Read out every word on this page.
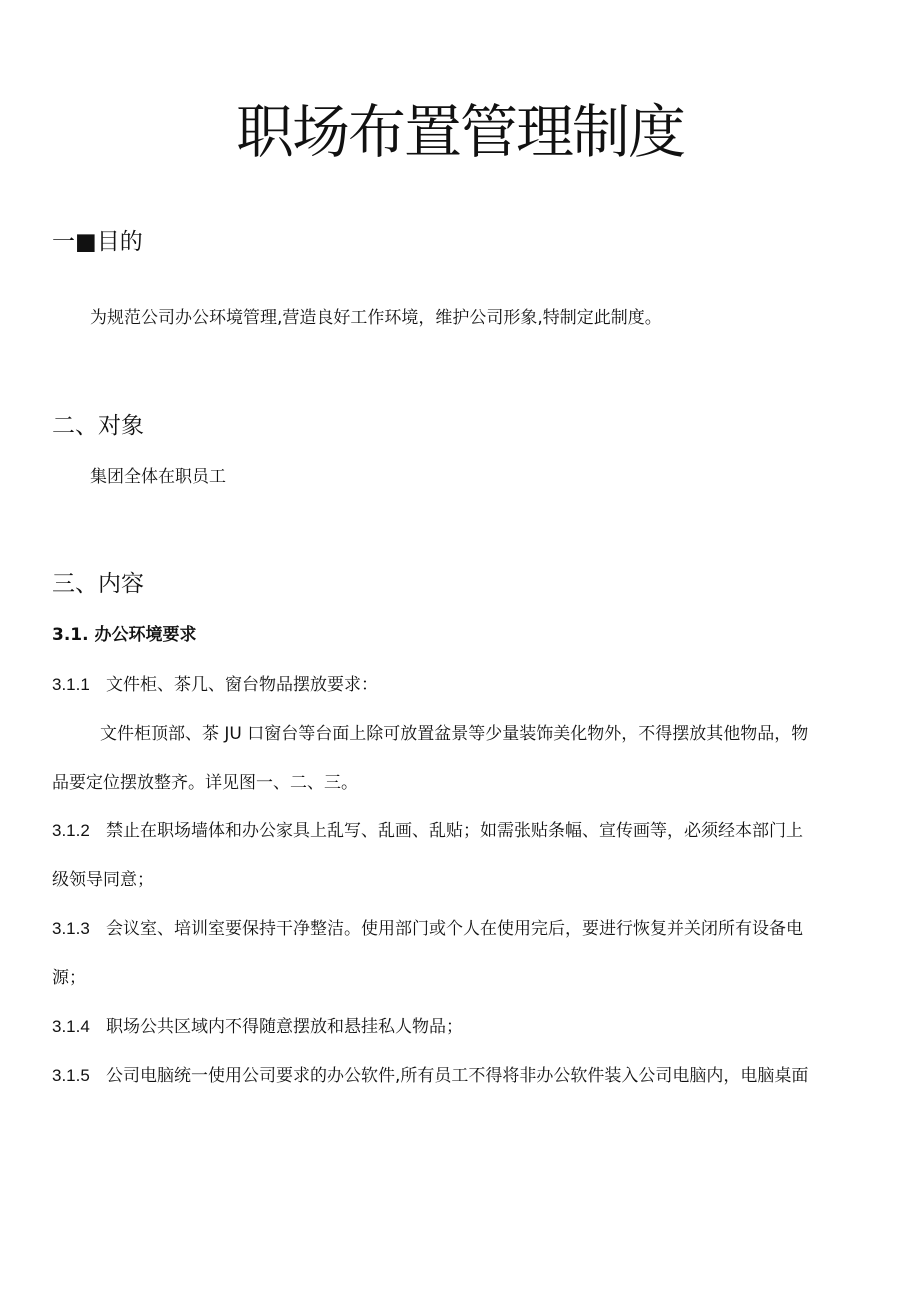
职场布置管理制度
一■目的
为规范公司办公环境管理,营造良好工作环境，维护公司形象,特制定此制度。
二、对象
集团全体在职员工
三、内容
3.1. 办公环境要求
3.1.1 文件柜、茶几、窗台物品摆放要求：
文件柜顶部、茶 JU 口窗台等台面上除可放置盆景等少量装饰美化物外，不得摆放其他物品，物
品要定位摆放整齐。详见图一、二、三。
3.1.2 禁止在职场墙体和办公家具上乱写、乱画、乱贴；如需张贴条幅、宣传画等，必须经本部门上
级领导同意；
3.1.3 会议室、培训室要保持干净整洁。使用部门或个人在使用完后，要进行恢复并关闭所有设备电
源；
3.1.4 职场公共区域内不得随意摆放和悬挂私人物品；
3.1.5 公司电脑统一使用公司要求的办公软件,所有员工不得将非办公软件装入公司电脑内，电脑桌面
